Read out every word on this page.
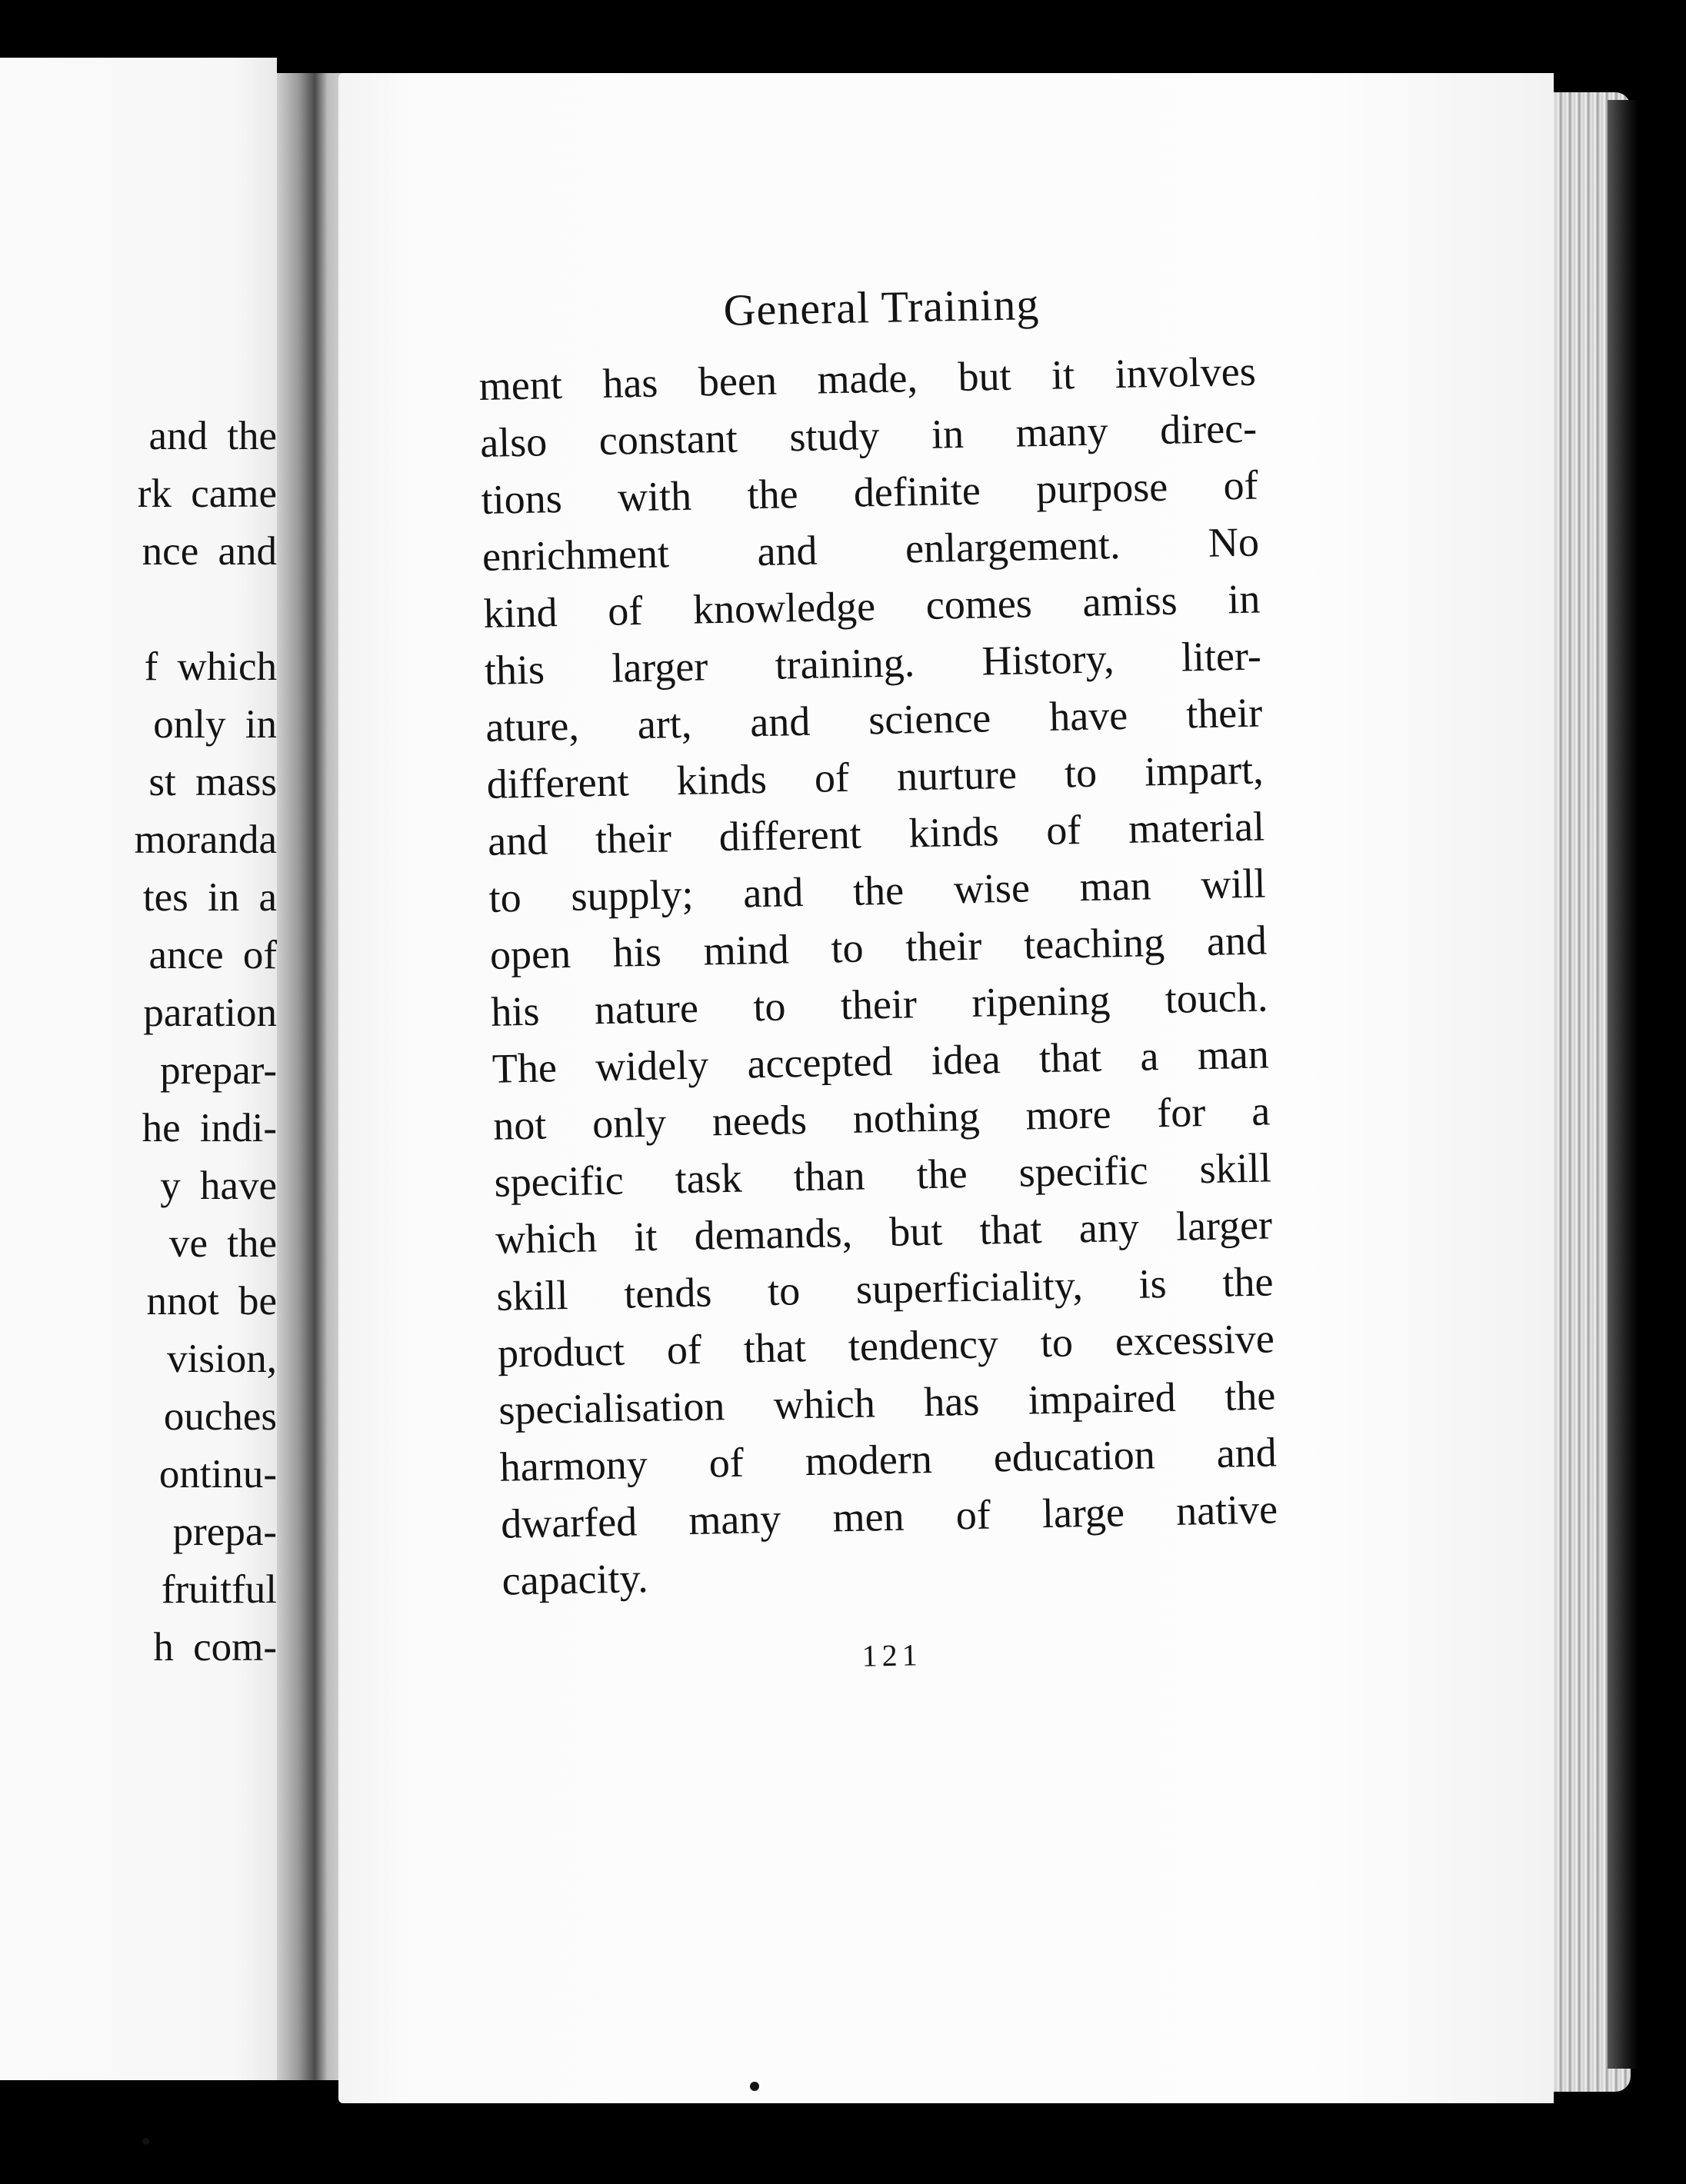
and the
rk came
nce and
f which
only in
st mass
moranda
tes in a
ance of
paration
prepar-
he indi-
y have
ve the
nnot be
vision,
ouches
ontinu-
prepa-
fruitful
h com-
General Training
ment has been made, but it involves
also constant study in many direc-
tions with the definite purpose of
enrichment and enlargement. No
kind of knowledge comes amiss in
this larger training. History, liter-
ature, art, and science have their
different kinds of nurture to impart,
and their different kinds of material
to supply; and the wise man will
open his mind to their teaching and
his nature to their ripening touch.
The widely accepted idea that a man
not only needs nothing more for a
specific task than the specific skill
which it demands, but that any larger
skill tends to superficiality, is the
product of that tendency to excessive
specialisation which has impaired the
harmony of modern education and
dwarfed many men of large native
capacity.
121
